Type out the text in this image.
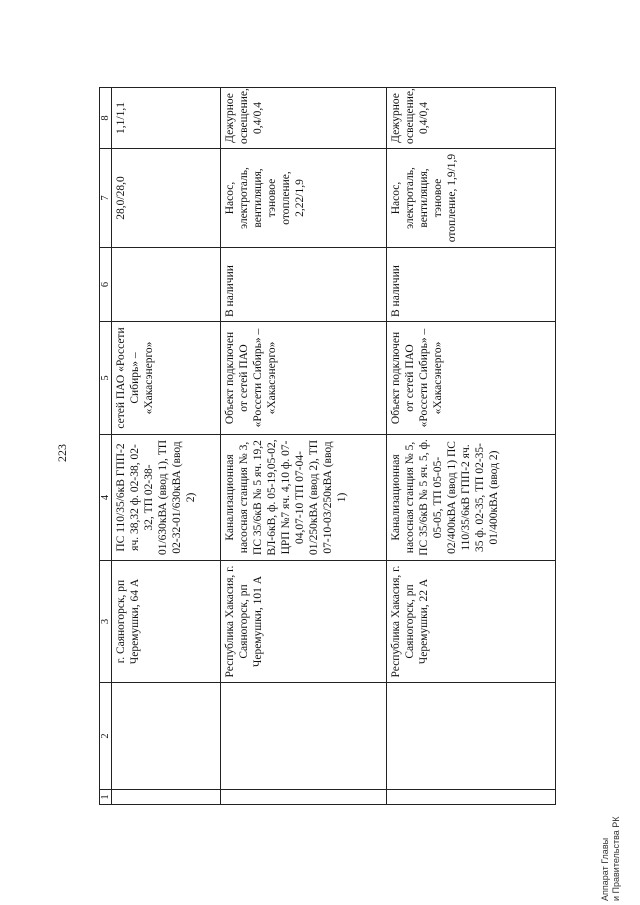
223
1	2	3	4	5	6	7	8
		г. Саяногорск, рп Черемушки, 64 А	ПС 110/35/6кВ ГПП-2 яч. 38,32 ф. 02-38, 02-32, ТП 02-38-01/630кВА (ввод 1), ТП 02-32-01/630кВА (ввод 2)	сетей ПАО «Россети Сибирь» – «Хакасэнерго»		28,0/28,0	1,1/1,1
		Республика Хакасия, г. Саяногорск, рп Черемушки, 101 А	Канализационная насосная станция № 3, ПС 35/6кВ № 5 яч. 19,2 ВЛ-6кВ, ф. 05-19,05-02, ЦРП №7 яч. 4,10 ф. 07-04,07-10 ТП 07-04-01/250кВА (ввод 2), ТП 07-10-03/250кВА (ввод 1)	Объект подключен от сетей ПАО «Россети Сибирь» – «Хакасэнерго»	В наличии	Насос, электроталь, вентиляция, тэновое отопление, 2,22/1,9	Дежурное освещение, 0,4/0,4
		Республика Хакасия, г. Саяногорск, рп Черемушки, 22 А	Канализационная насосная станция № 5, ПС 35/6кВ № 5 яч. 5, ф. 05-05, ТП 05-05-02/400кВА (ввод 1) ПС 110/35/6кВ ГПП-2 яч. 35 ф. 02-35, ТП 02-35-01/400кВА (ввод 2)	Объект подключен от сетей ПАО «Россети Сибирь» – «Хакасэнерго»	В наличии	Насос, электроталь, вентиляция, тэновое отопление, 1,9/1,9	Дежурное освещение, 0,4/0,4
Аппарат Главы и Правительства РК
